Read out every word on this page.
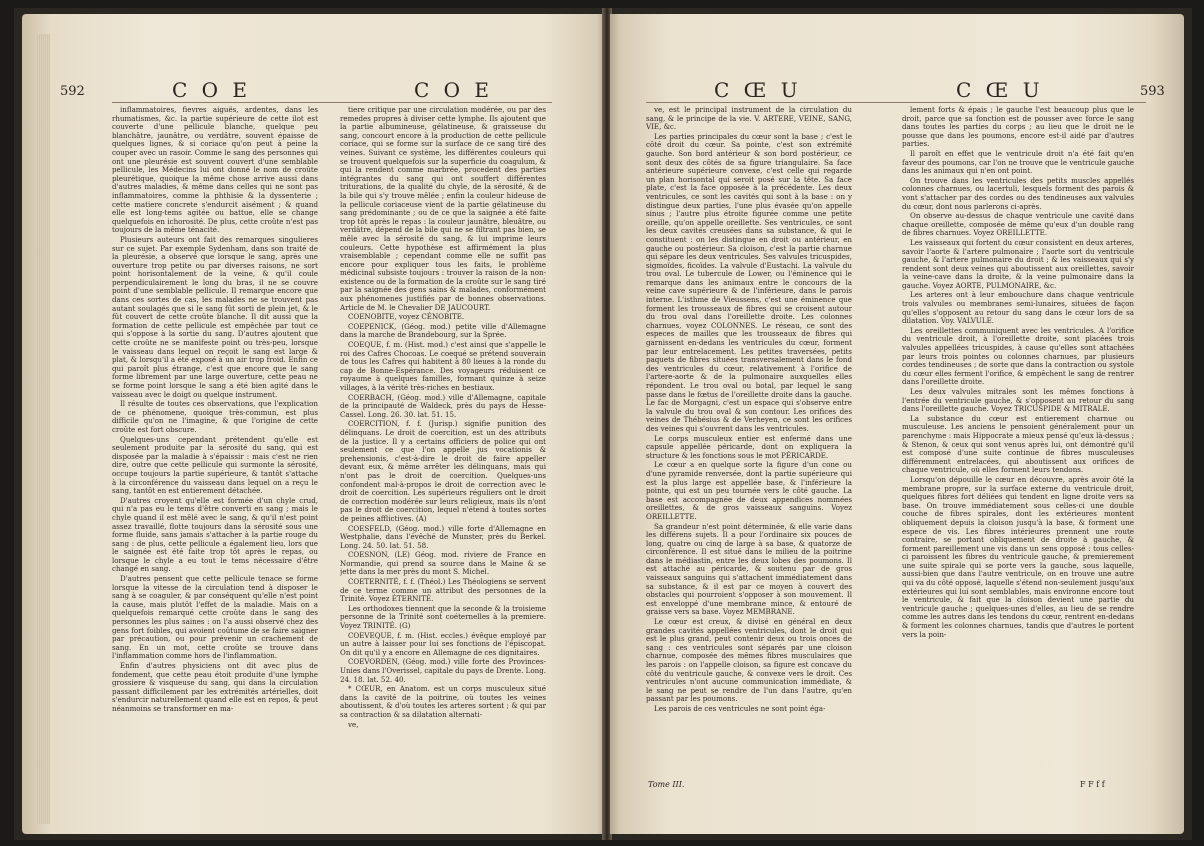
592	C O E	C O E

inflammatoires, fievres aiguës, ardentes, dans les rhumatismes, &c. la partie supérieure de cette ilot est couverte d'une pellicule blanche, quelque peu blanchâtre, jaunâtre, ou verdâtre, souvent épaisse de quelques lignes, & si coriace qu'on peut à peine la couper avec un rasoir. Comme le sang des personnes qui ont une pleurésie est souvent couvert d'une semblable pellicule, les Médecins lui ont donné le nom de croûte pleurétique, quoique la même chose arrive aussi dans d'autres maladies, & même dans celles qui ne sont pas inflammatoires, comme la phthisie & la dyssenterie ; cette matiere concrete s'endurcit aisément ; & quand elle est long-tems agitée ou battue, elle se change quelquefois en ichorosité. De plus, cette croûte n'est pas toujours de la même ténacité.

Plusieurs auteurs ont fait des remarques singulieres sur ce sujet. Par exemple Sydenham, dans son traité de la pleurésie, a observé que lorsque le sang, après une ouverture trop petite ou par diverses raisons, ne sort point horisontalement de la veine, & qu'il coule perpendiculairement le long du bras, il ne se couvre point d'une semblable pellicule. Il remarque encore que dans ces sortes de cas, les malades ne se trouvent pas autant soulagés que si le sang fût sorti de plein jet, & le fût couvert de cette croûte blanche. Il dit aussi que la formation de cette pellicule est empêchée par tout ce qui s'oppose à la sortie du sang. D'autres ajoutent que cette croûte ne se manifeste point ou très-peu, lorsque le vaisseau dans lequel on reçoit le sang est large & plat, & lorsqu'il a été exposé à un air trop froid. Enfin ce qui paroît plus étrange, c'est que encore que le sang forme librement par une large ouverture, cette peau ne se forme point lorsque le sang a été bien agité dans le vaisseau avec le doigt ou quelque instrument.

Il résulte de toutes ces observations, que l'explication de ce phénomene, quoique très-commun, est plus difficile qu'on ne l'imagine, & que l'origine de cette croûte est fort obscure.

Quelques-uns cependant prétendent qu'elle est seulement produite par la sérosité du sang, qui est disposée par la maladie à s'épaissir : mais c'est ne rien dire, outre que cette pellicule qui surmonte la sérosité, occupe toujours la partie supérieure, & tantôt s'attache à la circonférence du vaisseau dans lequel on a reçu le sang, tantôt en est entierement détachée.

D'autres croyent qu'elle est formée d'un chyle crud, qui n'a pas eu le tems d'être converti en sang ; mais le chyle quand il est mêlé avec le sang, & qu'il n'est point assez travaillé, flotte toujours dans la sérosité sous une forme fluide, sans jamais s'attacher à la partie rouge du sang : de plus, cette pellicule a également lieu, lors que le saignée est été faite trop tôt après le repas, ou lorsque le chyle a eu tout le tems nécessaire d'être changé en sang.

D'autres pensent que cette pellicule tenace se forme lorsque la vitesse de la circulation tend à disposer le sang à se coaguler, & par conséquent qu'elle n'est point la cause, mais plutôt l'effet de la maladie. Mais on a quelquefois remarqué cette croûte dans le sang des personnes les plus saines : on l'a aussi observé chez des gens fort foibles, qui avoient coûtume de se faire saigner par précaution, ou pour prévenir un crachement de sang. En un mot, cette croûte se trouve dans l'inflammation comme hors de l'inflammation.

Enfin d'autres physiciens ont dit avec plus de fondement, que cette peau étoit produite d'une lymphe grossiere & visqueuse du sang, qui dans la circulation passant difficilement par les extrémités artérielles, doit s'endurcir naturellement quand elle est en repos, & peut néanmoins se transformer en ma-

tiere critique par une circulation modérée, ou par des remedes propres à diviser cette lymphe. Ils ajoutent que la partie albumineuse, gélatineuse, & graisseuse du sang, concourt encore à la production de cette pellicule coriace, qui se forme sur la surface de ce sang tiré des veines. Suivant ce système, les différentes couleurs qui se trouvent quelquefois sur la superficie du coagulum, & qui la rendent comme marbrée, procedent des parties intégrantes du sang qui ont souffert différentes triturations, de la qualité du chyle, de la sérosité, & de la bile qui s'y trouve mêlée ; enfin la couleur hideuse de la pellicule coriaceuse vient de la partie gélatineuse du sang prédominante ; ou de ce que la saignée a été faite trop tôt après le repas : la couleur jaunâtre, bleuâtre, ou verdâtre, dépend de la bile qui ne se filtrant pas bien, se mêle avec la sérosité du sang, & lui imprime leurs couleurs. Cette hypothèse est affirmément la plus vraisemblable ; cependant comme elle ne suffit pas encore pour expliquer tous les faits, le problème médicinal subsiste toujours : trouver la raison de la non-existence ou de la formation de la croûte sur le sang tiré par la saignée des gens sains & malades, conformément aux phénomenes justifiés par de bonnes observations. Article de M. le Chevalier DE JAUCOURT.

COENOBITE, voyez CÉNOBITE.

COEPENICK, (Géog. mod.) petite ville d'Allemagne dans la marche de Brandebourg, sur la Sprée.

COEQUE, f. m. (Hist. mod.) c'est ainsi que s'appelle le roi des Cafres Chocoas. Le coequé se prétend souverain de tous les Cafres qui habitent à 80 lieues à la ronde du cap de Bonne-Espérance. Des voyageurs réduisent ce royaume à quelques familles, formant quinze à seize villages, à la vérité très-riches en bestiaux.

COERBACH, (Géog. mod.) ville d'Allemagne, capitale de la principauté de Waldeck, près du pays de Hesse-Cassel. Long. 26. 30. lat. 51. 15.

COERCITION, f. f. (Jurisp.) signifie punition des délinquans. Le droit de coercition, est un des attributs de la justice. Il y a certains officiers de police qui ont seulement ce que l'on appelle jus vocationis & prehensionis, c'est-à-dire le droit de faire appeller devant eux, & même arrêter les délinquans, mais qui n'ont pas le droit de coercition. Quelques-uns confondent mal-à-propos le droit de correction avec le droit de coercition. Les supérieurs réguliers ont le droit de correction modérée sur leurs religieux, mais ils n'ont pas le droit de coercition, lequel n'étend à toutes sortes de peines afflictives. (A)

COESFELD, (Géog. mod.) ville forte d'Allemagne en Westphalie, dans l'évêché de Munster, près du Berkel. Long. 24. 50. lat. 51. 58.

COESNON, (LE) Géog. mod. riviere de France en Normandie, qui prend sa source dans le Maine & se jette dans la mer près du mont S. Michel.

COETERNITÉ, f. f. (Théol.) Les Théologiens se servent de ce terme comme un attribut des personnes de la Trinité. Voyez ÉTERNITÉ.

Les orthodoxes tiennent que la seconde & la troisieme personne de la Trinité sont coéternelles à la premiere. Voyez TRINITÉ. (G)

COEVEQUE, f. m. (Hist. eccles.) évêque employé par un autre à laisser pour lui ses fonctions de l'épiscopat. On dit qu'il y a encore en Allemagne de ces dignitaires.

COEVORDEN, (Géog. mod.) ville forte des Provinces-Unies dans l'Overissel, capitale du pays de Drente. Long. 24. 18. lat. 52. 40.

* CŒUR, en Anatom. est un corps musculeux situé dans la cavité de la poitrine, où toutes les veines aboutissent, & d'où toutes les arteres sortent ; & qui par sa contraction & sa dilatation alternati-

ve,

C Œ U	C Œ U	593

ve, est le principal instrument de la circulation du sang, & le principe de la vie. V. ARTERE, VEINE, SANG, VIE, &c.

Les parties principales du cœur sont la base ; c'est le côté droit du cœur. Sa pointe, c'est son extrémité gauche. Son bord antérieur & son bord postérieur, ce sont deux des côtés de sa figure triangulaire. Sa face antérieure supérieure convexe, c'est celle qui regarde un plan horisontal qui seroit posé sur la tête. Sa face plate, c'est la face opposée à la précédente. Les deux ventricules, ce sont les cavités qui sont à la base : on y distingue deux parties, l'une plus évasée qu'on appelle sinus ; l'autre plus étroite figurée comme une petite oreille, qu'on appelle oreillette. Ses ventricules, ce sont les deux cavités creusées dans sa substance, & qui le constituent : on les distingue en droit ou antérieur, en gauche ou postérieur. Sa cloison, c'est la partie charnue qui sépare les deux ventricules. Ses valvules tricuspides, sigmoïdes, ficoïdes. La valvule d'Eustachi. La valvule du trou oval. Le tubercule de Lower, ou l'éminence qui le remarque dans les animaux entre le concours de la veine cave supérieure & de l'inférieure, dans le parois interne. L'isthme de Vieussens, c'est une éminence que forment les trousseaux de fibres qui se croisent autour du trou oval dans l'oreillette droite. Les colonnes charnues, voyez COLONNES. Le réseau, ce sont des especes de mailles que les trousseaux de fibres qui garnissent en-dedans les ventricules du cœur, forment par leur entrelacement. Les petites traversées, petits paquets de fibres situées transversalement dans le fond des ventricules du cœur, relativement à l'orifice de l'artere-aorte & de la pulmonaire auxquelles elles répondent. Le trou oval ou botal, par lequel le sang passe dans le fœtus de l'oreillette droite dans la gauche. Le fac de Morgagni, c'est un espace qui s'observe entre la valvule du trou oval & son contour. Les orifices des veines de Thébésius & de Verheyen, ce sont les orifices des veines qui s'ouvrent dans les ventricules.

Le corps musculeux entier est enfermé dans une capsule appellée péricarde, dont on expliquera la structure & les fonctions sous le mot PÉRICARDE.

Le cœur a en quelque sorte la figure d'un cone ou d'une pyramide renversée, dont la partie supérieure qui est la plus large est appellée base, & l'inférieure la pointe, qui est un peu tournée vers le côté gauche. La base est accompagnée de deux appendices nommées oreillettes, & de gros vaisseaux sanguins. Voyez OREILLETTE.

Sa grandeur n'est point déterminée, & elle varie dans les différens sujets. Il a pour l'ordinaire six pouces de long, quatre ou cinq de large à sa base, & quatorze de circonférence. Il est situé dans le milieu de la poitrine dans le médiastin, entre les deux lobes des poumons. Il est attaché au péricarde, & soutenu par de gros vaisseaux sanguins qui s'attachent immédiatement dans sa substance, & il est par ce moyen à couvert des obstacles qui pourroient s'opposer à son mouvement. Il est enveloppé d'une membrane mince, & entouré de graisse vers sa base. Voyez MEMBRANE.

Le cœur est creux, & divisé en général en deux grandes cavités appellées ventricules, dont le droit qui est le plus grand, peut contenir deux ou trois onces de sang : ces ventricules sont séparés par une cloison charnue, composée des mêmes fibres musculaires que les parois : on l'appelle cloison, sa figure est concave du côté du ventricule gauche, & convexe vers le droit. Ces ventricules n'ont aucune communication immédiate, & le sang ne peut se rendre de l'un dans l'autre, qu'en passant par les poumons.

Les parois de ces ventricules ne sont point éga-

lement forts & épais ; le gauche l'est beaucoup plus que le droit, parce que sa fonction est de pousser avec force le sang dans toutes les parties du corps ; au lieu que le droit ne le pousse que dans les poumons, encore est-il aidé par d'autres parties.

Il paroît en effet que le ventricule droit n'a été fait qu'en faveur des poumons, car l'on ne trouve que le ventricule gauche dans les animaux qui n'en ont point.

On trouve dans les ventricules des petits muscles appellés colonnes charnues, ou lacertuli, lesquels forment des parois & vont s'attacher par des cordes ou des tendineuses aux valvules du cœur, dont nous parlerons ci-après.

On observe au-dessus de chaque ventricule une cavité dans chaque oreillette, composée de même qu'eux d'un double rang de fibres charnues. Voyez OREILLETTE.

Les vaisseaux qui fortent du cœur consistent en deux arteres, savoir l'aorte & l'artere pulmonaire ; l'aorte sort du ventricule gauche, & l'artere pulmonaire du droit ; & les vaisseaux qui s'y rendent sont deux veines qui aboutissent aux oreillettes, savoir la veine-cave dans la droite, & la veine pulmonaire dans la gauche. Voyez AORTE, PULMONAIRE, &c.

Les arteres ont à leur embouchure dans chaque ventricule trois valvules ou membranes semi-lunaires, situées de façon qu'elles s'opposent au retour du sang dans le cœur lors de sa dilatation. Voy. VALVULE.

Les oreillettes communiquent avec les ventricules. A l'orifice du ventricule droit, à l'oreillette droite, sont placées trois valvules appellées tricuspides, à cause qu'elles sont attachées par leurs trois pointes ou colonnes charnues, par plusieurs cordes tendineuses ; de sorte que dans la contraction ou systole du cœur elles ferment l'orifice, & empêchent le sang de rentrer dans l'oreillette droite.

Les deux valvules mitrales sont les mêmes fonctions à l'entrée du ventricule gauche, & s'opposent au retour du sang dans l'oreillette gauche. Voyez TRICUSPIDE & MITRALE.

La substance du cœur est entierement charnue ou musculeuse. Les anciens le pensoient généralement pour un parenchyme : mais Hippocrate a mieux pensé qu'eux là-dessus ; & Stenon, & ceux qui sont venus après lui, ont démontré qu'il est composé d'une suite continue de fibres musculeuses différemment entrelacées, qui aboutissent aux orifices de chaque ventricule, où elles forment leurs tendons.

Lorsqu'on dépouille le cœur en découvre, après avoir ôté la membrane propre, sur la surface externe du ventricule droit, quelques fibres fort déliées qui tendent en ligne droite vers sa base. On trouve immédiatement sous celles-ci une double couche de fibres spirales, dont les extérieures montent obliquement depuis la cloison jusqu'à la base, & forment une espece de vis. Les fibres intérieures prennent une route contraire, se portant obliquement de droite à gauche, & forment pareillement une vis dans un sens opposé : tous celles-ci paroissent les fibres du ventricule gauche, & premierement une suite spirale qui se porte vers la gauche, sous laquelle, aussi-bien que dans l'autre ventricule, on en trouve une autre qui va du côté opposé, laquelle s'étend non-seulement jusqu'aux extérieures qui lui sont semblables, mais environne encore tout le ventricule, & fait que la cloison devient une partie du ventricule gauche ; quelques-unes d'elles, au lieu de se rendre comme les autres dans les tendons du cœur, rentrent en-dedans & forment les colonnes charnues, tandis que d'autres le portent vers la poin-

Tome III.	F F f f
